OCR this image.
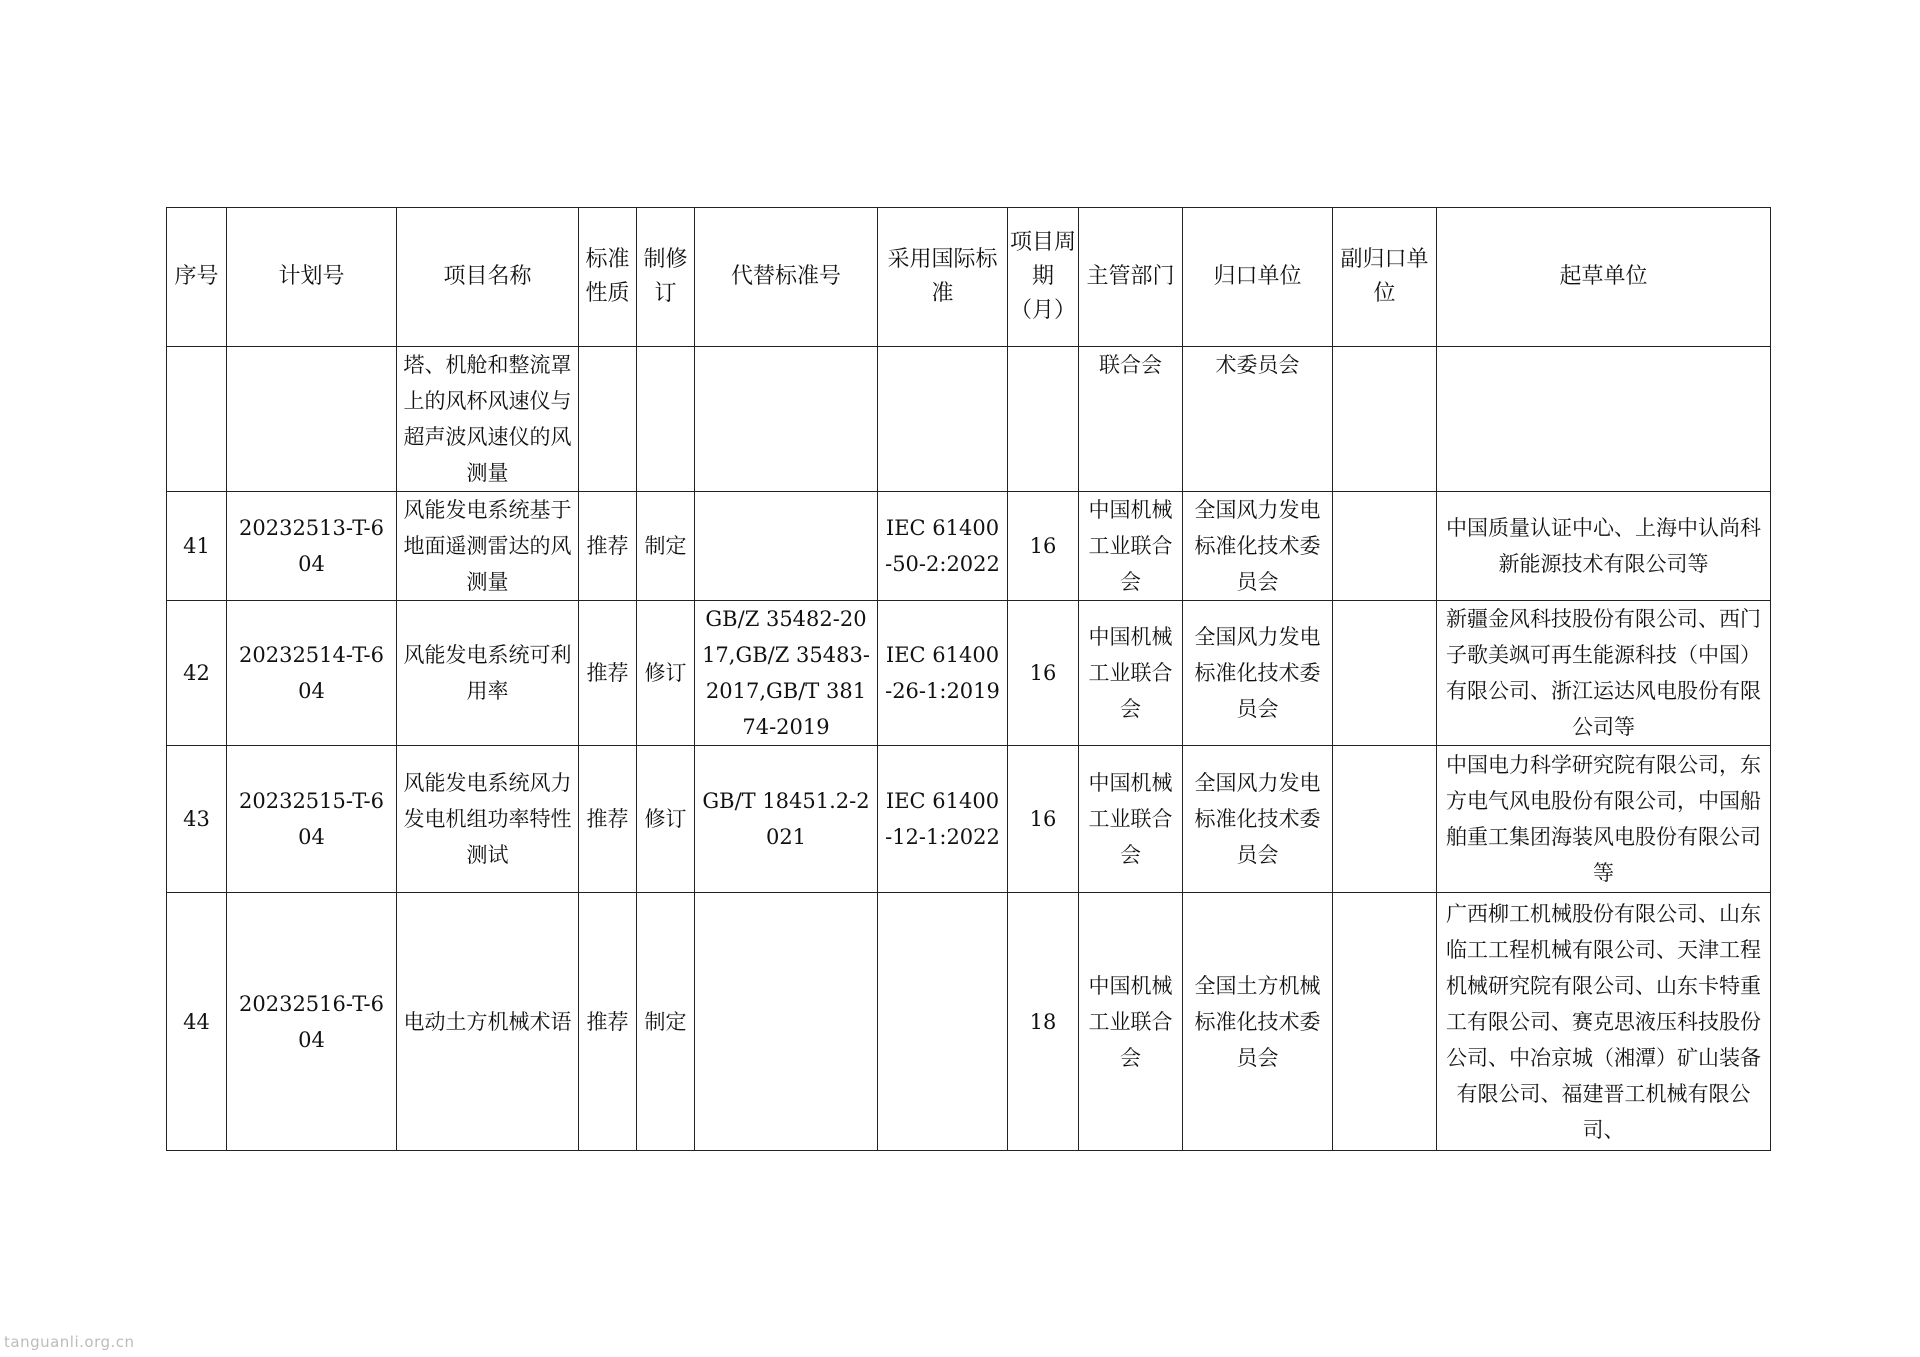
序号	计划号	项目名称	标准性质	制修订	代替标准号	采用国际标准	项目周期（月）	主管部门	归口单位	副归口单位	起草单位
		塔、机舱和整流罩上的风杯风速仪与超声波风速仪的风测量						联合会	术委员会		
41	20232513-T-604	风能发电系统基于地面遥测雷达的风测量	推荐	制定		IEC 61400-50-2:2022	16	中国机械工业联合会	全国风力发电标准化技术委员会		中国质量认证中心、上海中认尚科新能源技术有限公司等
42	20232514-T-604	风能发电系统可利用率	推荐	修订	GB/Z 35482-2017,GB/Z 35483-2017,GB/T 38174-2019	IEC 61400-26-1:2019	16	中国机械工业联合会	全国风力发电标准化技术委员会		新疆金风科技股份有限公司、西门子歌美飒可再生能源科技（中国）有限公司、浙江运达风电股份有限公司等
43	20232515-T-604	风能发电系统风力发电机组功率特性测试	推荐	修订	GB/T 18451.2-2021	IEC 61400-12-1:2022	16	中国机械工业联合会	全国风力发电标准化技术委员会		中国电力科学研究院有限公司，东方电气风电股份有限公司，中国船舶重工集团海装风电股份有限公司等
44	20232516-T-604	电动土方机械术语	推荐	制定			18	中国机械工业联合会	全国土方机械标准化技术委员会		广西柳工机械股份有限公司、山东临工工程机械有限公司、天津工程机械研究院有限公司、山东卡特重工有限公司、赛克思液压科技股份公司、中冶京城（湘潭）矿山装备有限公司、福建晋工机械有限公司、
tanguanli.org.cn
